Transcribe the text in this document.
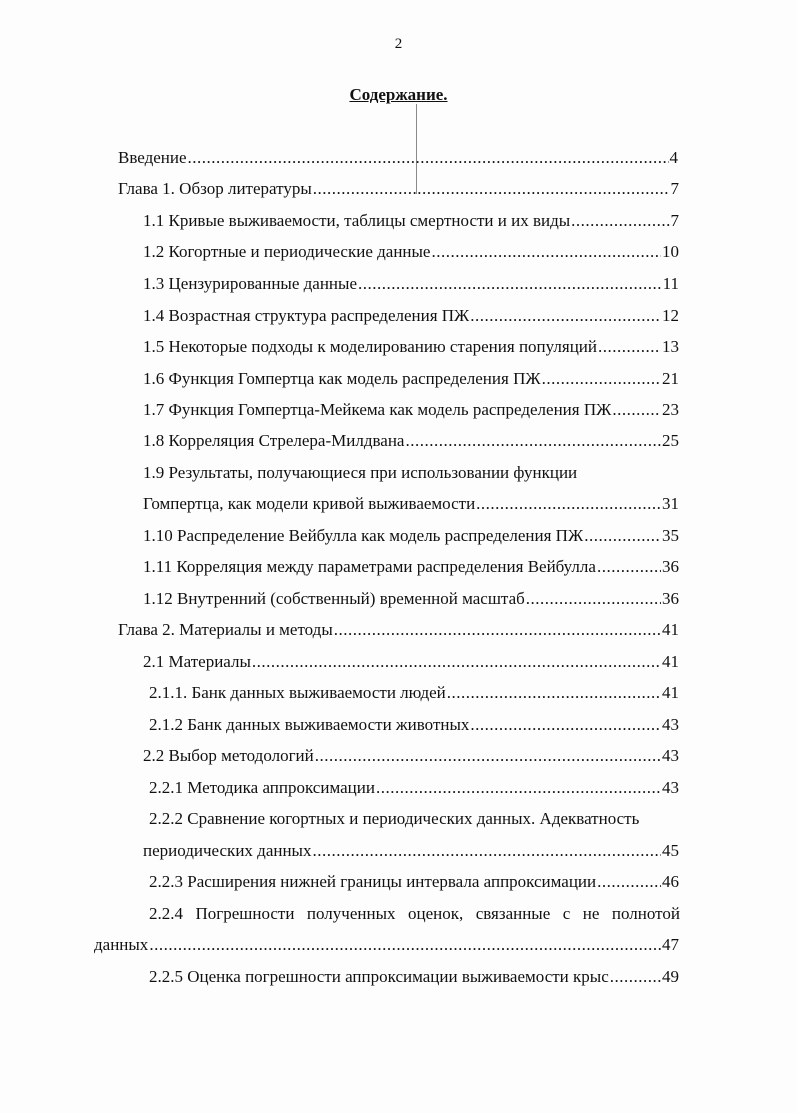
2
Содержание.
Введение .....	4
Глава 1. Обзор литературы .....	7
1.1 Кривые выживаемости, таблицы смертности и их виды .....	7
1.2 Когортные и периодические данные .....	10
1.3 Цензурированные данные .....	11
1.4 Возрастная структура распределения ПЖ .....	12
1.5 Некоторые подходы к моделированию старения популяций .....	13
1.6 Функция Гомпертца как модель распределения ПЖ .....	21
1.7 Функция Гомпертца-Мейкема как модель распределения ПЖ .....	23
1.8 Корреляция Стрелера-Милдвана .....	25
1.9 Результаты, получающиеся при использовании функции
Гомпертца, как модели кривой выживаемости .....	31
1.10 Распределение Вейбулла как модель распределения ПЖ .....	35
1.11 Корреляция между параметрами распределения Вейбулла .....	36
1.12 Внутренний (собственный) временной масштаб .....	36
Глава 2. Материалы и методы .....	41
2.1 Материалы .....	41
2.1.1. Банк данных выживаемости людей .....	41
2.1.2 Банк данных выживаемости животных .....	43
2.2 Выбор методологий .....	43
2.2.1 Методика аппроксимации .....	43
2.2.2 Сравнение когортных и периодических данных. Адекватность
периодических данных .....	45
2.2.3 Расширения нижней границы интервала аппроксимации .....	46
2.2.4 Погрешности полученных оценок, связанные с не полнотой
данных .....	47
2.2.5 Оценка погрешности аппроксимации выживаемости крыс .....	49
